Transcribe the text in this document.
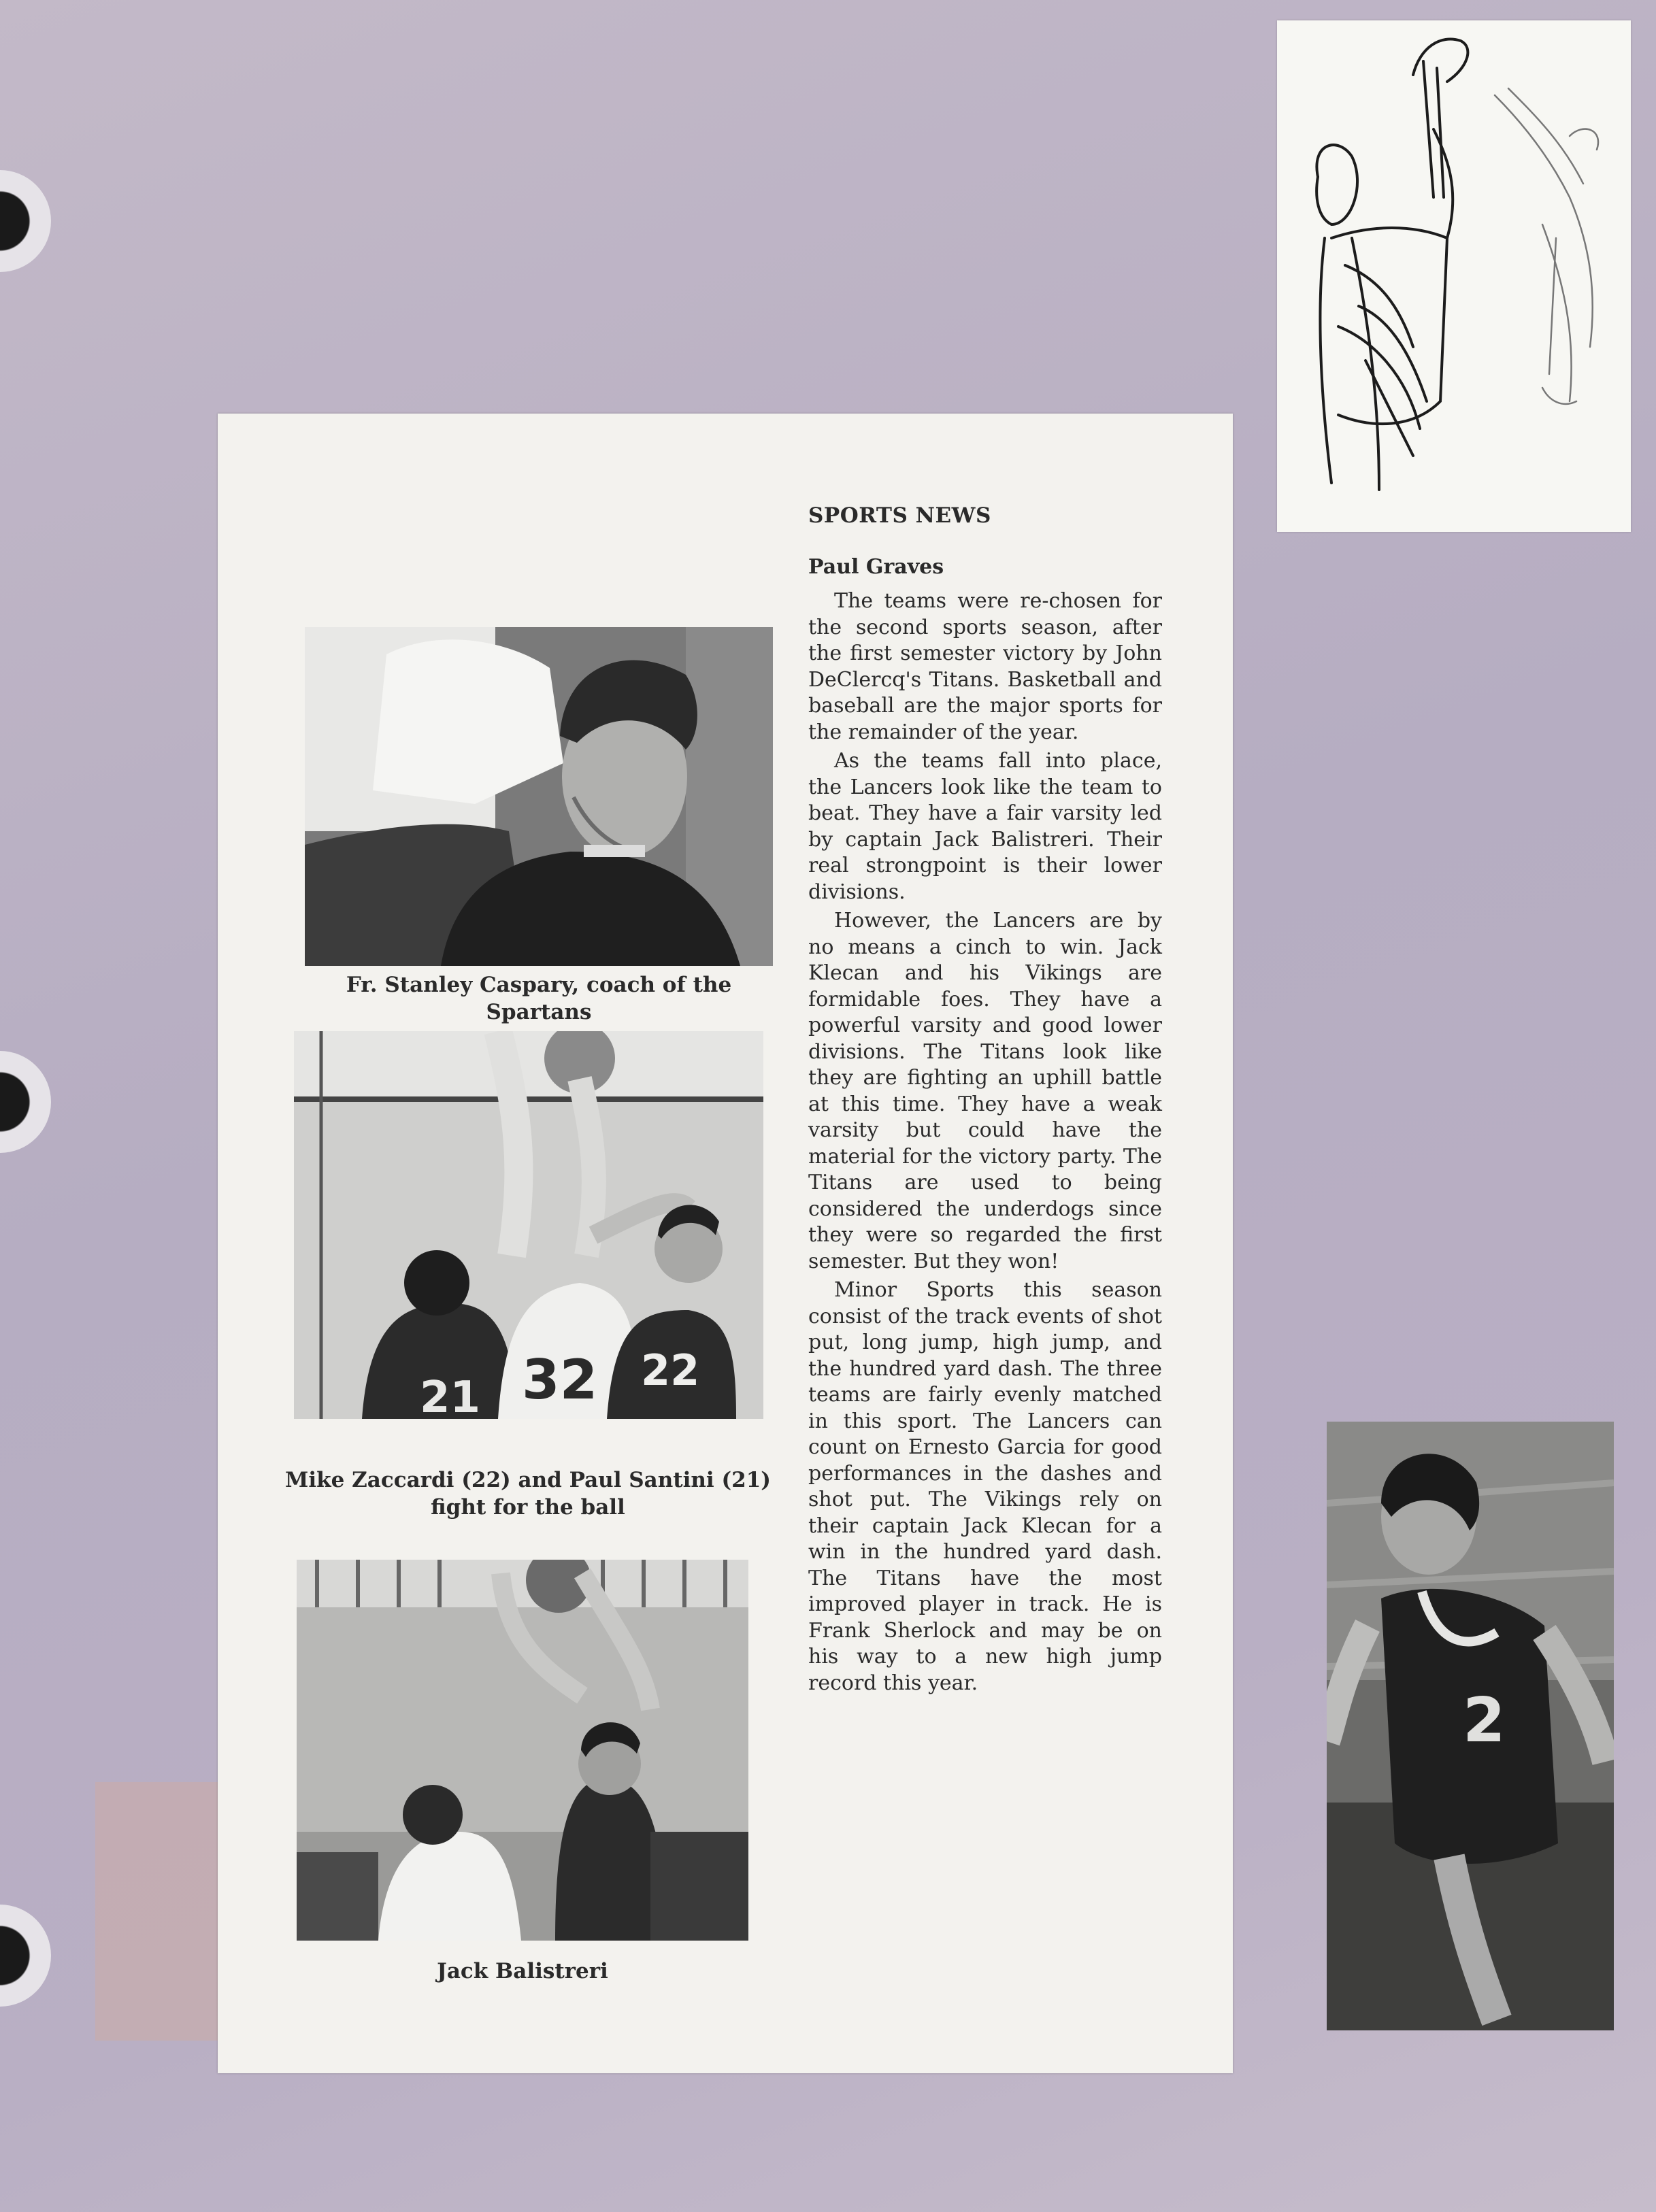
Fr. Stanley Caspary, coach of the Spartans
21 32 22
Mike Zaccardi (22) and Paul Santini (21) fight for the ball
Jack Balistreri
SPORTS NEWS

Paul Graves

The teams were re-chosen for the second sports season, after the first semester victory by John DeClercq's Titans. Basketball and baseball are the major sports for the remainder of the year.

As the teams fall into place, the Lancers look like the team to beat. They have a fair varsity led by captain Jack Balistreri. Their real strongpoint is their lower divisions.

However, the Lancers are by no means a cinch to win. Jack Klecan and his Vikings are formidable foes. They have a powerful varsity and good lower divisions. The Titans look like they are fighting an uphill battle at this time. They have a weak varsity but could have the material for the victory party. The Titans are used to being considered the underdogs since they were so regarded the first semester. But they won!

Minor Sports this season consist of the track events of shot put, long jump, high jump, and the hundred yard dash. The three teams are fairly evenly matched in this sport. The Lancers can count on Ernesto Garcia for good performances in the dashes and shot put. The Vikings rely on their captain Jack Klecan for a win in the hundred yard dash. The Titans have the most improved player in track. He is Frank Sherlock and may be on his way to a new high jump record this year.

2
